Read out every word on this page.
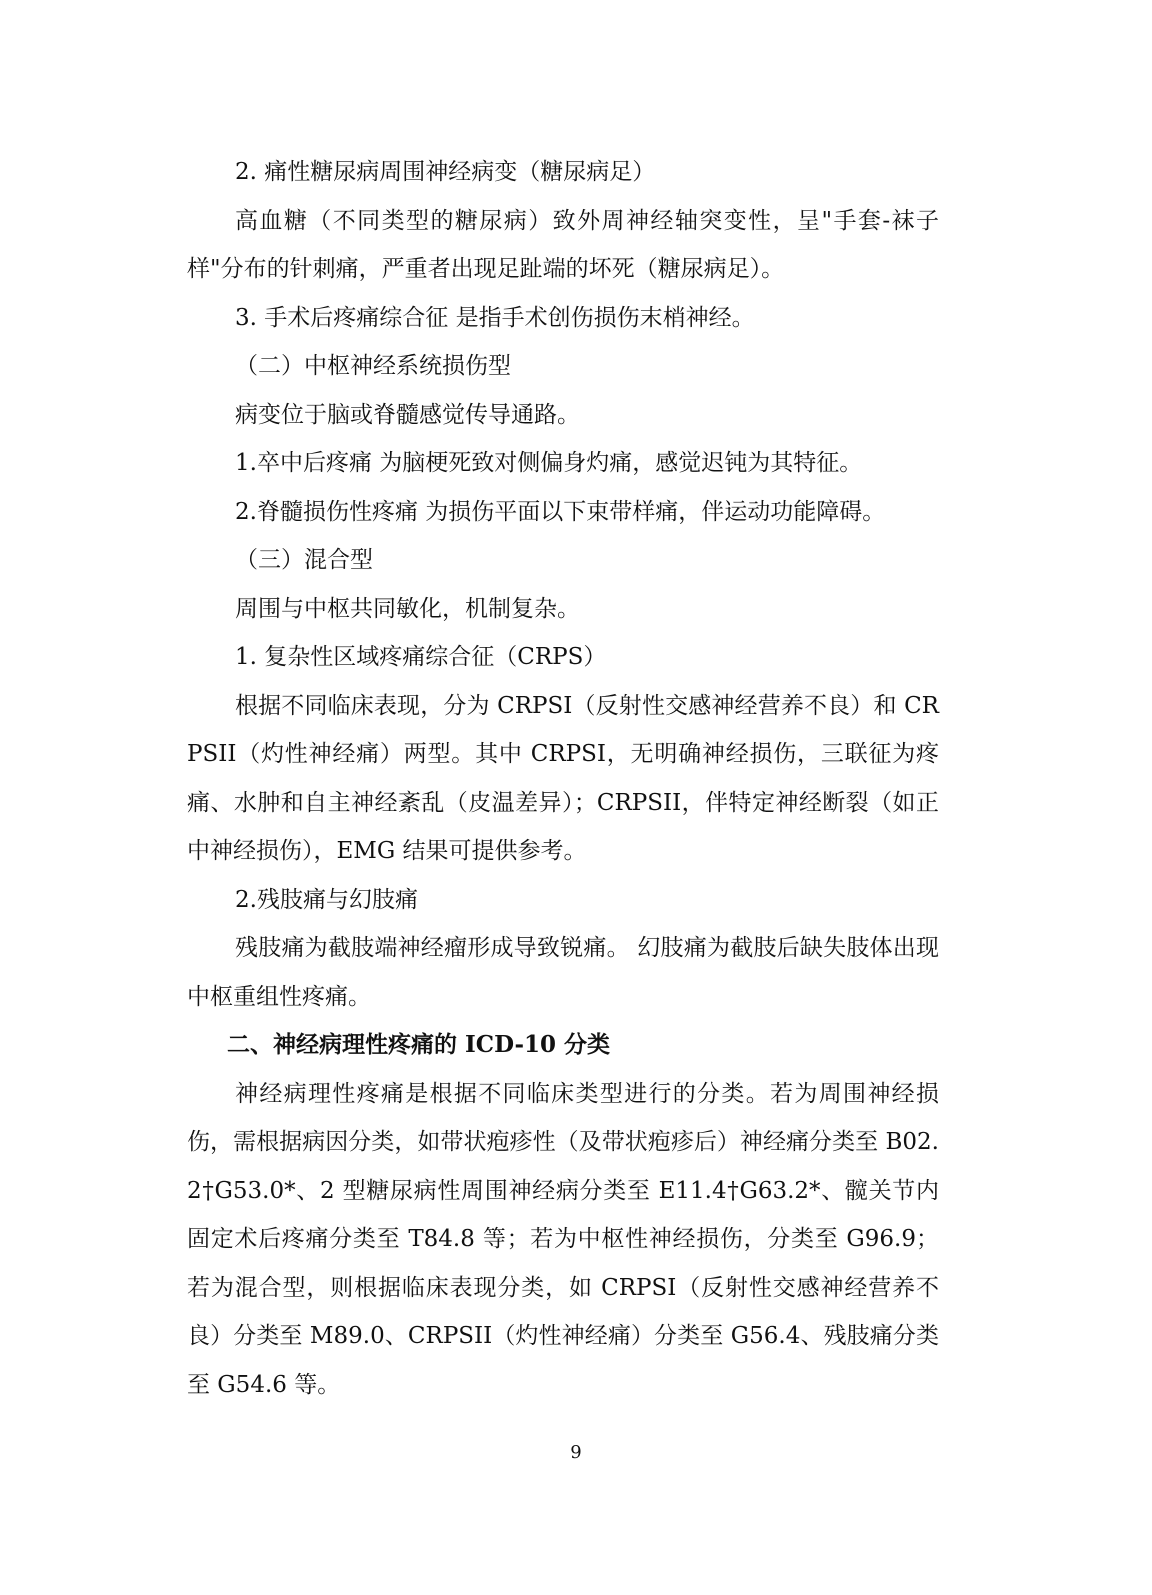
2. 痛性糖尿病周围神经病变（糖尿病足）

高血糖（不同类型的糖尿病）致外周神经轴突变性，呈"手套-袜子样"分布的针刺痛，严重者出现足趾端的坏死（糖尿病足）。

3. 手术后疼痛综合征 是指手术创伤损伤末梢神经。

（二）中枢神经系统损伤型

病变位于脑或脊髓感觉传导通路。

1.卒中后疼痛 为脑梗死致对侧偏身灼痛，感觉迟钝为其特征。

2.脊髓损伤性疼痛 为损伤平面以下束带样痛，伴运动功能障碍。

（三）混合型

周围与中枢共同敏化，机制复杂。

1. 复杂性区域疼痛综合征（CRPS）

根据不同临床表现，分为 CRPSI（反射性交感神经营养不良）和 CRPSII（灼性神经痛）两型。其中 CRPSI，无明确神经损伤，三联征为疼痛、水肿和自主神经紊乱（皮温差异）；CRPSII，伴特定神经断裂（如正中神经损伤），EMG 结果可提供参考。

2.残肢痛与幻肢痛

残肢痛为截肢端神经瘤形成导致锐痛。 幻肢痛为截肢后缺失肢体出现中枢重组性疼痛。

二、神经病理性疼痛的 ICD-10 分类

神经病理性疼痛是根据不同临床类型进行的分类。若为周围神经损伤，需根据病因分类，如带状疱疹性（及带状疱疹后）神经痛分类至 B02.2†G53.0*、2 型糖尿病性周围神经病分类至 E11.4†G63.2*、髋关节内固定术后疼痛分类至 T84.8 等；若为中枢性神经损伤，分类至 G96.9；若为混合型，则根据临床表现分类，如 CRPSI（反射性交感神经营养不良）分类至 M89.0、CRPSII（灼性神经痛）分类至 G56.4、残肢痛分类至 G54.6 等。

9
